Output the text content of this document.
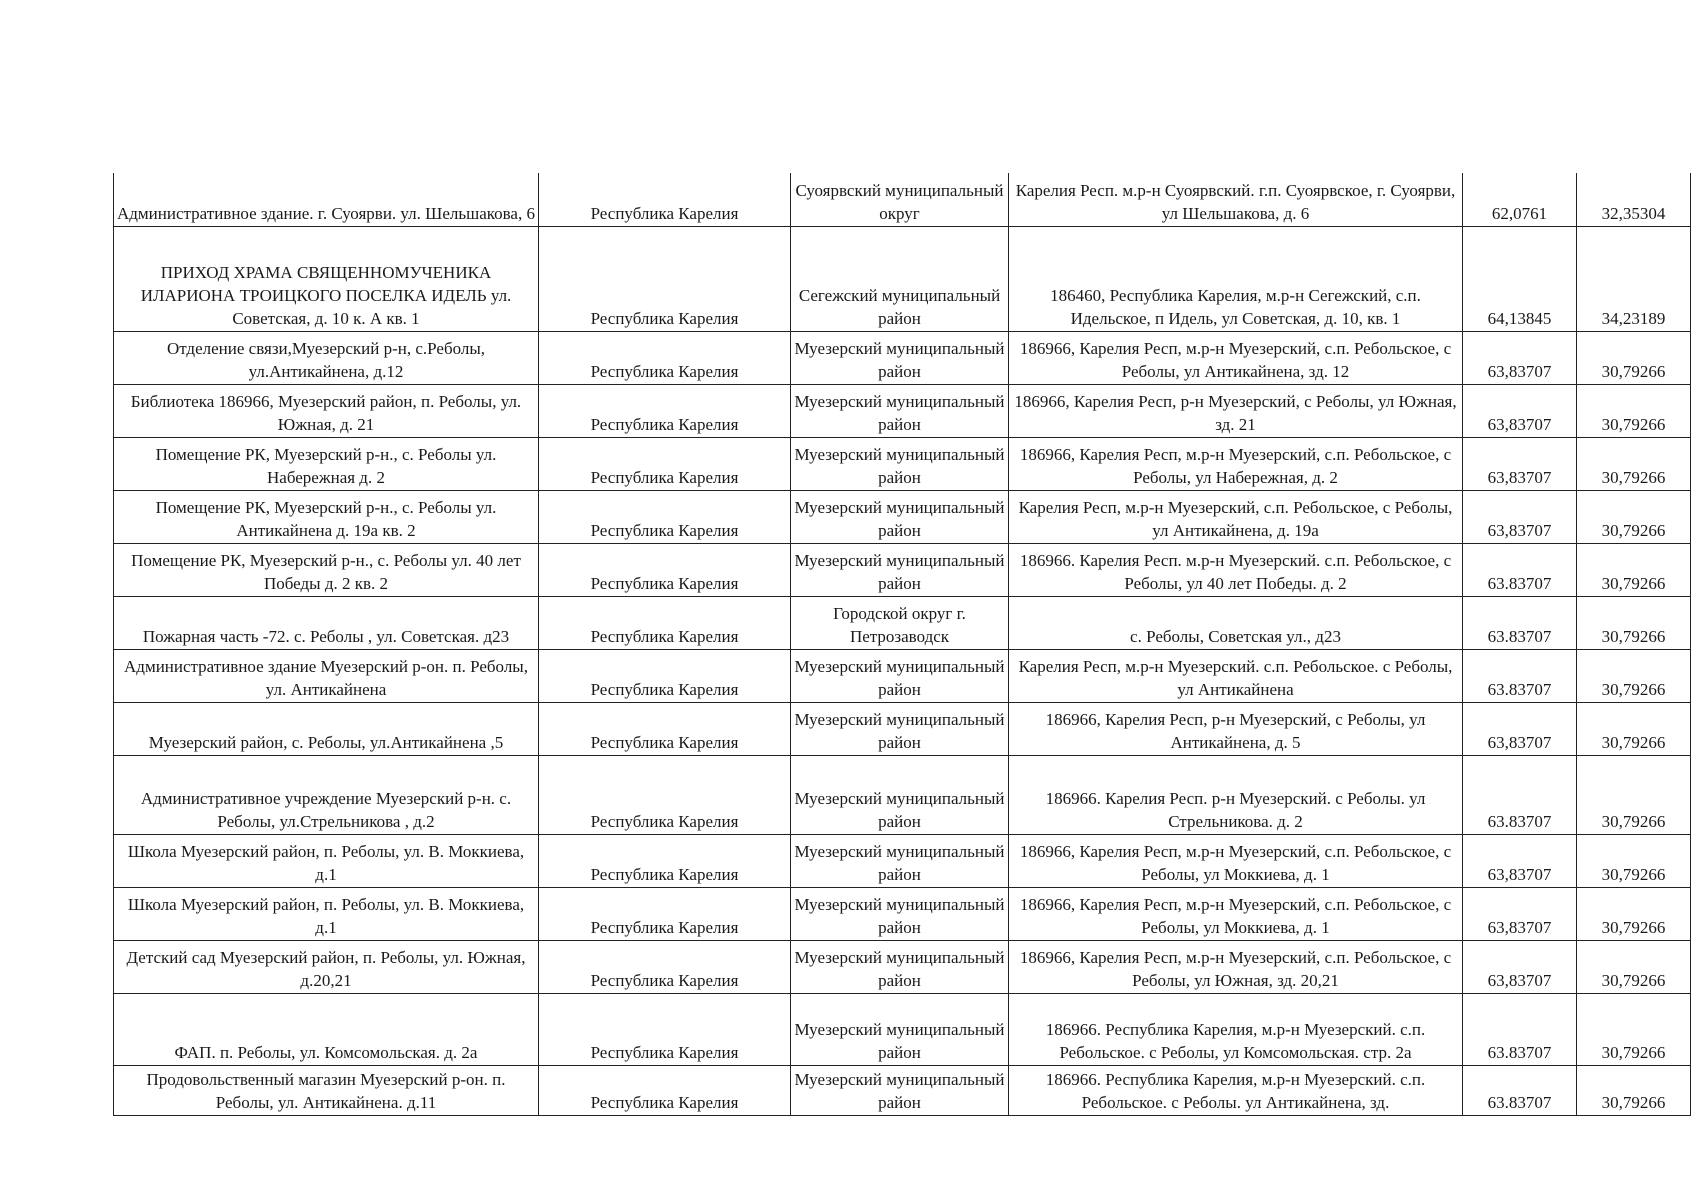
Административное здание. г. Суоярви. ул. Шельшакова, 6	Республика Карелия	Суоярвский муниципальный округ	Карелия Респ. м.р-н Суоярвский. г.п. Суоярвское, г. Суоярви, ул Шельшакова, д. 6	62,0761	32,35304
ПРИХОД ХРАМА СВЯЩЕННОМУЧЕНИКА ИЛАРИОНА ТРОИЦКОГО ПОСЕЛКА ИДЕЛЬ ул. Советская, д. 10 к. А кв. 1	Республика Карелия	Сегежский муниципальный район	186460, Республика Карелия, м.р-н Сегежский, с.п. Идельское, п Идель, ул Советская, д. 10, кв. 1	64,13845	34,23189
Отделение связи,Муезерский р-н, с.Реболы, ул.Антикайнена, д.12	Республика Карелия	Муезерский муниципальный район	186966, Карелия Респ, м.р-н Муезерский, с.п. Ребольское, с Реболы, ул Антикайнена, зд. 12	63,83707	30,79266
Библиотека 186966, Муезерский район, п. Реболы, ул. Южная, д. 21	Республика Карелия	Муезерский муниципальный район	186966, Карелия Респ, р-н Муезерский, с Реболы, ул Южная, зд. 21	63,83707	30,79266
Помещение РК, Муезерский р-н., с. Реболы ул. Набережная д. 2	Республика Карелия	Муезерский муниципальный район	186966, Карелия Респ, м.р-н Муезерский, с.п. Ребольское, с Реболы, ул Набережная, д. 2	63,83707	30,79266
Помещение РК, Муезерский р-н., с. Реболы ул. Антикайнена д. 19а кв. 2	Республика Карелия	Муезерский муниципальный район	Карелия Респ, м.р-н Муезерский, с.п. Ребольское, с Реболы, ул Антикайнена, д. 19а	63,83707	30,79266
Помещение РК, Муезерский р-н., с. Реболы ул. 40 лет Победы д. 2 кв. 2	Республика Карелия	Муезерский муниципальный район	186966. Карелия Респ. м.р-н Муезерский. с.п. Ребольское, с Реболы, ул 40 лет Победы. д. 2	63.83707	30,79266
Пожарная часть -72. с. Реболы , ул. Советская. д23	Республика Карелия	Городской округ г. Петрозаводск	с. Реболы, Советская ул., д23	63.83707	30,79266
Административное здание Муезерский р-он. п. Реболы, ул. Антикайнена	Республика Карелия	Муезерский муниципальный район	Карелия Респ, м.р-н Муезерский. с.п. Ребольское. с Реболы, ул Антикайнена	63.83707	30,79266
Муезерский район, с. Реболы, ул.Антикайнена ,5	Республика Карелия	Муезерский муниципальный район	186966, Карелия Респ, р-н Муезерский, с Реболы, ул Антикайнена, д. 5	63,83707	30,79266
Административное учреждение Муезерский р-н. с. Реболы, ул.Стрельникова , д.2	Республика Карелия	Муезерский муниципальный район	186966. Карелия Респ. р-н Муезерский. с Реболы. ул Стрельникова. д. 2	63.83707	30,79266
Школа Муезерский район, п. Реболы, ул. В. Моккиева, д.1	Республика Карелия	Муезерский муниципальный район	186966, Карелия Респ, м.р-н Муезерский, с.п. Ребольское, с Реболы, ул Моккиева, д. 1	63,83707	30,79266
Школа Муезерский район, п. Реболы, ул. В. Моккиева, д.1	Республика Карелия	Муезерский муниципальный район	186966, Карелия Респ, м.р-н Муезерский, с.п. Ребольское, с Реболы, ул Моккиева, д. 1	63,83707	30,79266
Детский сад Муезерский район, п. Реболы, ул. Южная, д.20,21	Республика Карелия	Муезерский муниципальный район	186966, Карелия Респ, м.р-н Муезерский, с.п. Ребольское, с Реболы, ул Южная, зд. 20,21	63,83707	30,79266
ФАП. п. Реболы, ул. Комсомольская. д. 2а	Республика Карелия	Муезерский муниципальный район	186966. Республика Карелия, м.р-н Муезерский. с.п. Ребольское. с Реболы, ул Комсомольская. стр. 2а	63.83707	30,79266
Продовольственный магазин Муезерский р-он. п. Реболы, ул. Антикайнена. д.11	Республика Карелия	Муезерский муниципальный район	186966. Республика Карелия, м.р-н Муезерский. с.п. Ребольское. с Реболы. ул Антикайнена, зд.	63.83707	30,79266
